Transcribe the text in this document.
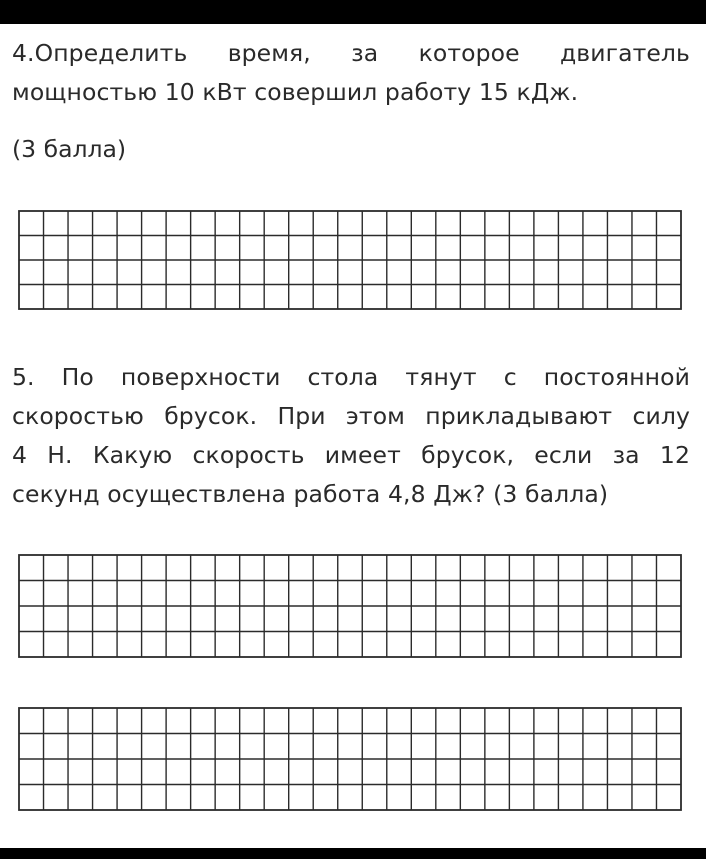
4.Определить время, за которое двигатель
мощностью 10 кВт совершил работу 15 кДж.
(3 балла)
5. По поверхности стола тянут с постоянной
скоростью брусок. При этом прикладывают силу
4 Н. Какую скорость имеет брусок, если за 12
секунд осуществлена работа 4,8 Дж? (3 балла)
